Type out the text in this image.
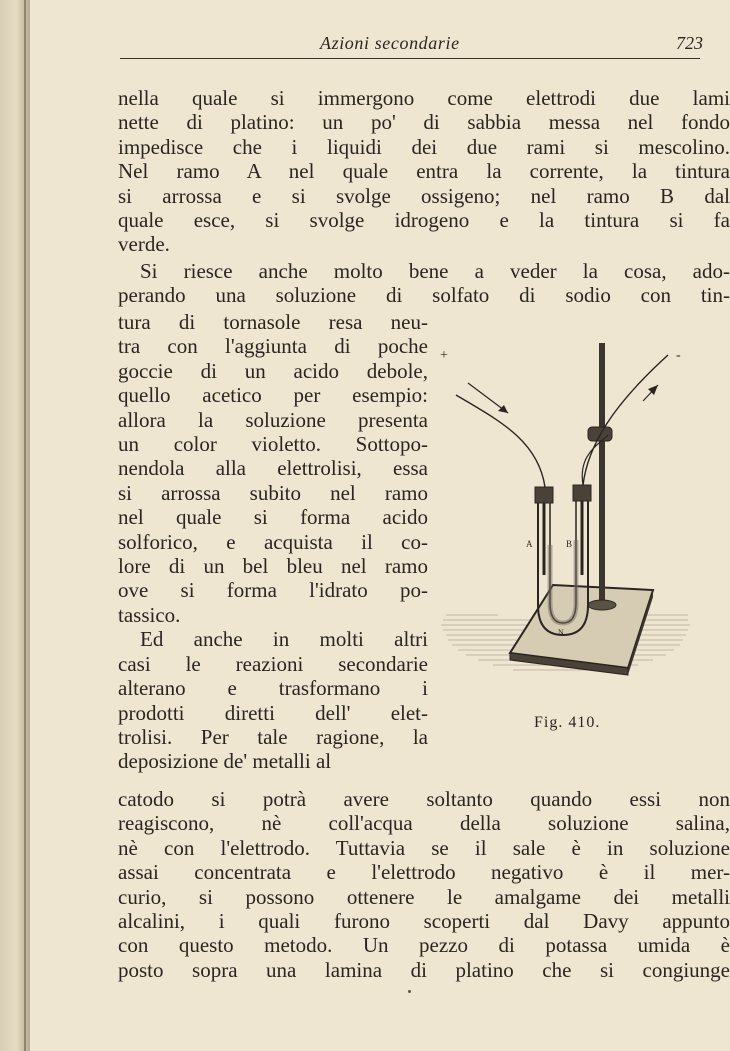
Azioni secondarie	723
nella quale si immergono come elettrodi due lami
nette di platino: un po' di sabbia messa nel fondo
impedisce che i liquidi dei due rami si mescolino.
Nel ramo A nel quale entra la corrente, la tintura
si arrossa e si svolge ossigeno; nel ramo B dal
quale esce, si svolge idrogeno e la tintura si fa
verde.
Si riesce anche molto bene a veder la cosa, ado-
perando una soluzione di solfato di sodio con tin-
tura di tornasole resa neu-
tra con l'aggiunta di poche
goccie di un acido debole,
quello acetico per esempio:
allora la soluzione presenta
un color violetto. Sottopo-
nendola alla elettrolisi, essa
si arrossa subito nel ramo
nel quale si forma acido
solforico, e acquista il co-
lore di un bel bleu nel ramo
ove si forma l'idrato po-
tassico.
Ed anche in molti altri
casi le reazioni secondarie
alterano e trasformano i
prodotti diretti dell' elet-
trolisi. Per tale ragione, la
deposizione de' metalli al
catodo si potrà avere soltanto quando essi non
reagiscono, nè coll'acqua della soluzione salina,
nè con l'elettrodo. Tuttavia se il sale è in soluzione
assai concentrata e l'elettrodo negativo è il mer-
curio, si possono ottenere le amalgame dei metalli
alcalini, i quali furono scoperti dal Davy appunto
con questo metodo. Un pezzo di potassa umida è
posto sopra una lamina di platino che si congiunge
A	B
N
+	-
Fig. 410.
